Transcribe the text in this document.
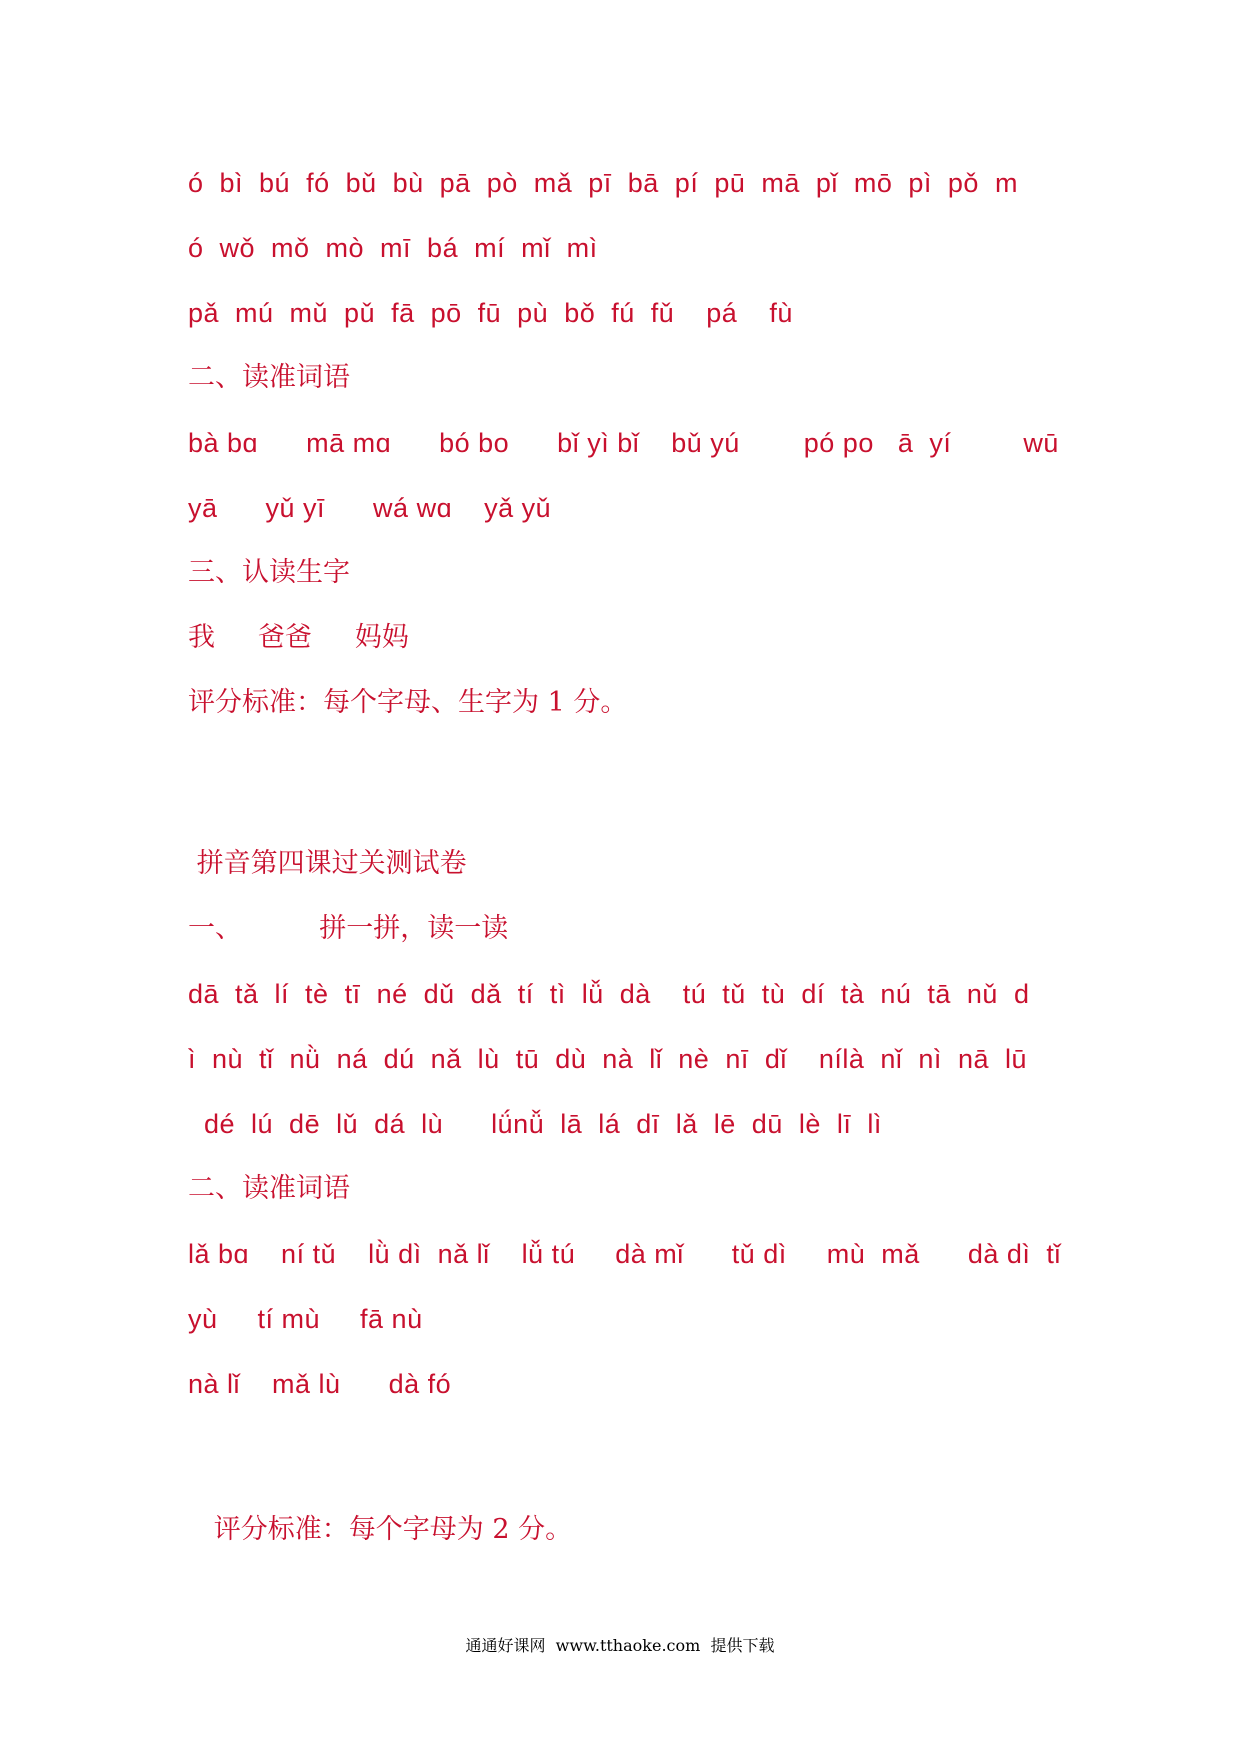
ó  bì  bú  fó  bǔ  bù  pā  pò  mǎ  pī  bā  pí  pū  mā  pǐ  mō  pì  pǒ  m
ó  wǒ  mǒ  mò  mī  bá  mí  mǐ  mì
pǎ  mú  mǔ  pǔ  fā  pō  fū  pù  bǒ  fú  fǔ    pá    fù
二、读准词语
bà bɑ      mā mɑ      bó bo      bǐ yì bǐ    bǔ yú        pó po   ā  yí         wū
yā      yǔ yī      wá wɑ    yǎ yǔ
三、认读生字
我     爸爸     妈妈
评分标准：每个字母、生字为 1 分。
拼音第四课过关测试卷
一、         拼一拼，读一读
dā  tǎ  lí  tè  tī  né  dǔ  dǎ  tí  tì  lǚ  dà    tú  tǔ  tù  dí  tà  nú  tā  nǔ  d
ì  nù  tǐ  nǜ  ná  dú  nǎ  lù  tū  dù  nà  lǐ  nè  nī  dǐ    nílà  nǐ  nì  nā  lū
dé  lú  dē  lǔ  dá  lù      lǘnǚ  lā  lá  dī  lǎ  lē  dū  lè  lī  lì
二、读准词语
lǎ bɑ    ní tǔ    lǜ dì  nǎ lǐ    lǚ tú     dà mǐ      tǔ dì     mù  mǎ      dà dì  tǐ
yù     tí mù     fā nù
nà lǐ    mǎ lù      dà fó
评分标准：每个字母为 2 分。
通通好课网  www.tthaoke.com  提供下载
